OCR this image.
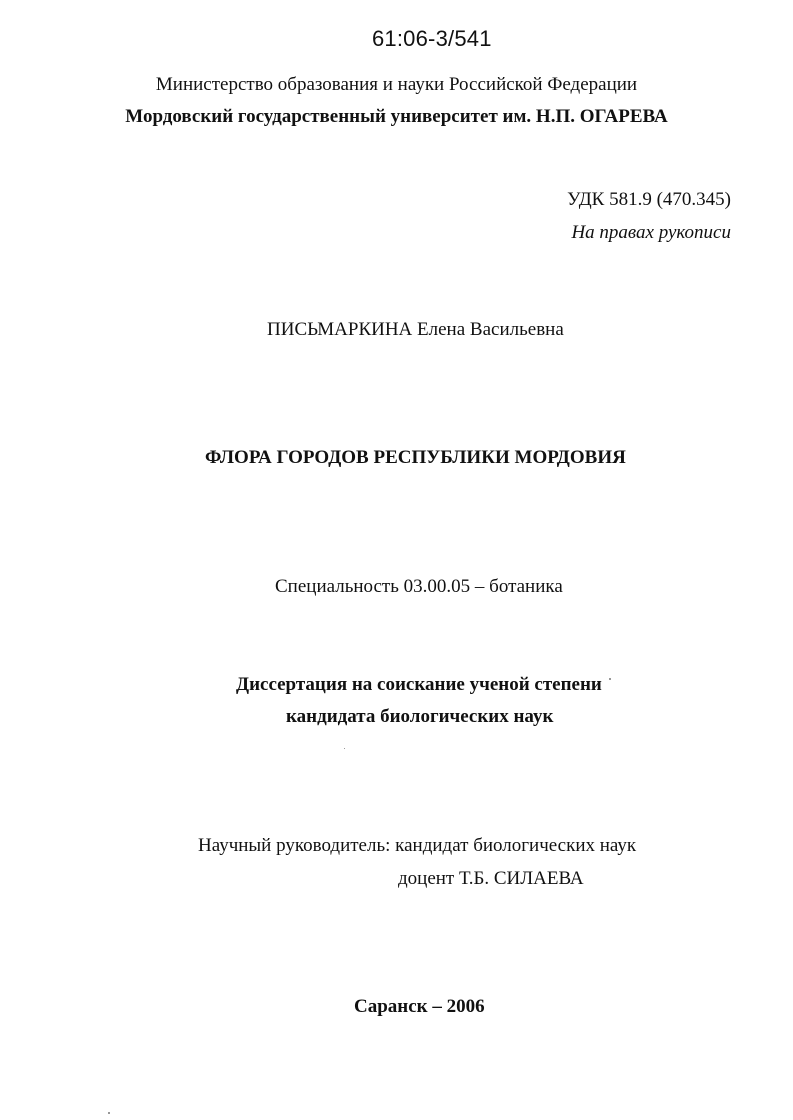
61:06-3/541
Министерство образования и науки Российской Федерации
Мордовский государственный университет им. Н.П. ОГАРЕВА
УДК 581.9 (470.345)
На правах рукописи
ПИСЬМАРКИНА Елена Васильевна
ФЛОРА ГОРОДОВ РЕСПУБЛИКИ МОРДОВИЯ
Специальность 03.00.05 – ботаника
Диссертация на соискание ученой степени
кандидата биологических наук
Научный руководитель: кандидат биологических наук
доцент Т.Б. СИЛАЕВА
Саранск – 2006
